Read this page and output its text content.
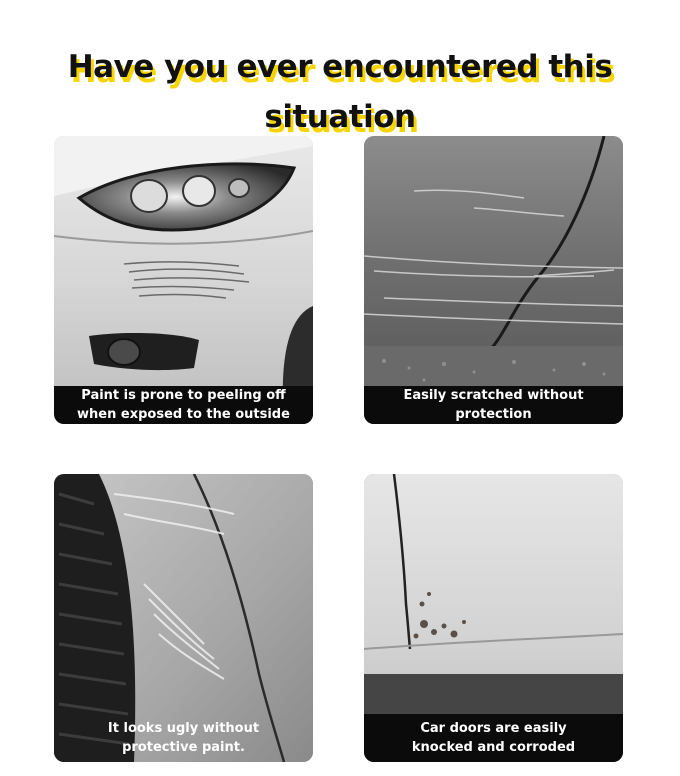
Have you ever encountered this situation
Paint is prone to peeling off
when exposed to the outside
Easily scratched without protection
It looks ugly without
protective paint.
Car doors are easily
knocked and corroded
